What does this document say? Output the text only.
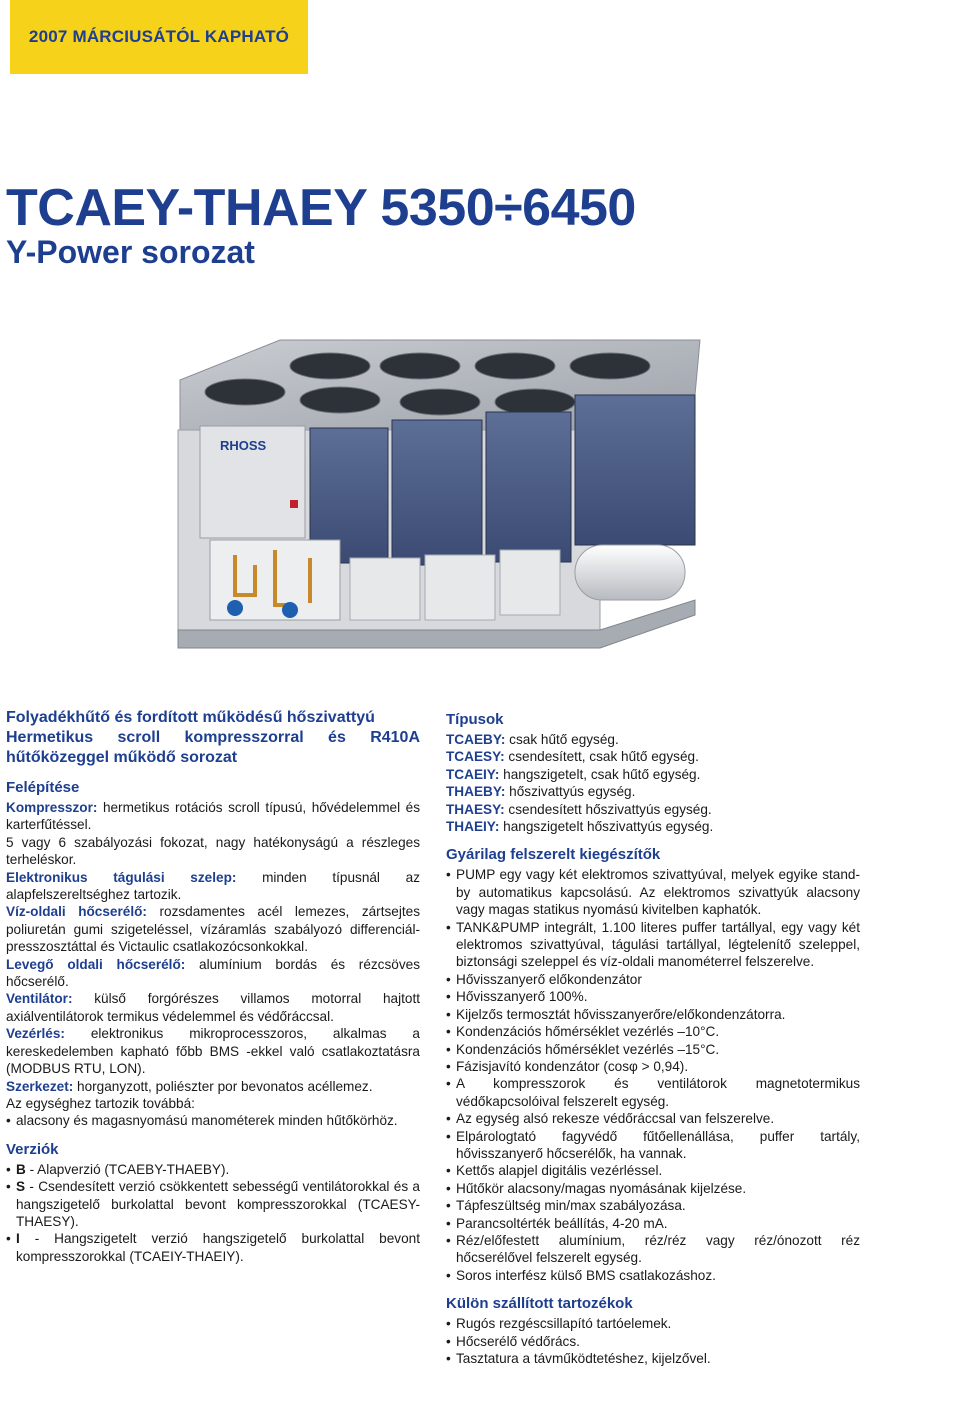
2007 MÁRCIUSÁTÓL KAPHATÓ
TCAEY-THAEY 5350÷6450
Y-Power sorozat
RHOSS

Folyadékhűtő és fordított működésű hőszivattyú

Hermetikus scroll kompresszorral és R410A hűtőközeggel működő sorozat

Felépítése

Kompresszor: hermetikus rotációs scroll típusú, hővédelemmel és karterfűtéssel.

5 vagy 6 szabályozási fokozat, nagy hatékonyságú a részleges terheléskor.

Elektronikus tágulási szelep: minden típusnál az alapfelszereltséghez tartozik.

Víz-oldali hőcserélő: rozsdamentes acél lemezes, zártsejtes poliuretán gumi szigeteléssel, vízáramlás szabályozó differenciál-presszosztáttal és Victaulic csatlakozócsonkokkal.

Levegő oldali hőcserélő: alumínium bordás és rézcsöves hőcserélő.

Ventilátor: külső forgórészes villamos motorral hajtott axiálventilátorok termikus védelemmel és védőráccsal.

Vezérlés: elektronikus mikroprocesszoros, alkalmas a kereskedelemben kapható főbb BMS -ekkel való csatlakoztatásra (MODBUS RTU, LON).

Szerkezet: horganyzott, poliészter por bevonatos acéllemez.

Az egységhez tartozik továbbá:

• alacsony és magasnyomású manométerek minden hűtőkörhöz.
Verziók
• B - Alapverzió (TCAEBY-THAEBY).
• S - Csendesített verzió csökkentett sebességű ventilátorokkal és a hangszigetelő burkolattal bevont kompresszorokkal (TCAESY-THAESY).
• I - Hangszigetelt verzió hangszigetelő burkolattal bevont kompresszorokkal (TCAEIY-THAEIY).
Típusok

TCAEBY: csak hűtő egység.

TCAESY: csendesített, csak hűtő egység.

TCAEIY: hangszigetelt, csak hűtő egység.

THAEBY: hőszivattyús egység.

THAESY: csendesített hőszivattyús egység.

THAEIY: hangszigetelt hőszivattyús egység.

Gyárilag felszerelt kiegészítők
• PUMP egy vagy két elektromos szivattyúval, melyek egyike stand-by automatikus kapcsolású. Az elektromos szivattyúk alacsony vagy magas statikus nyomású kivitelben kaphatók.
• TANK&PUMP integrált, 1.100 literes puffer tartállyal, egy vagy két elektromos szivattyúval, tágulási tartállyal, légtelenítő szeleppel, biztonsági szeleppel és víz-oldali manométerrel felszerelve.
• Hővisszanyerő előkondenzátor
• Hővisszanyerő 100%.
• Kijelzős termosztát hővisszanyerőre/előkondenzátorra.
• Kondenzációs hőmérséklet vezérlés –10°C.
• Kondenzációs hőmérséklet vezérlés –15°C.
• Fázisjavító kondenzátor (cosφ > 0,94).
• A kompresszorok és ventilátorok magnetotermikus védőkapcsolóival felszerelt egység.
• Az egység alsó rekesze védőráccsal van felszerelve.
• Elpárologtató fagyvédő fűtőellenállása, puffer tartály, hővisszanyerő hőcserélők, ha vannak.
• Kettős alapjel digitális vezérléssel.
• Hűtőkör alacsony/magas nyomásának kijelzése.
• Tápfeszültség min/max szabályozása.
• Parancsoltérték beállítás, 4-20 mA.
• Réz/előfestett alumínium, réz/réz vagy réz/ónozott réz hőcserélővel felszerelt egység.
• Soros interfész külső BMS csatlakozáshoz.
Külön szállított tartozékok
• Rugós rezgéscsillapító tartóelemek.
• Hőcserélő védőrács.
• Tasztatura a távműködtetéshez, kijelzővel.
